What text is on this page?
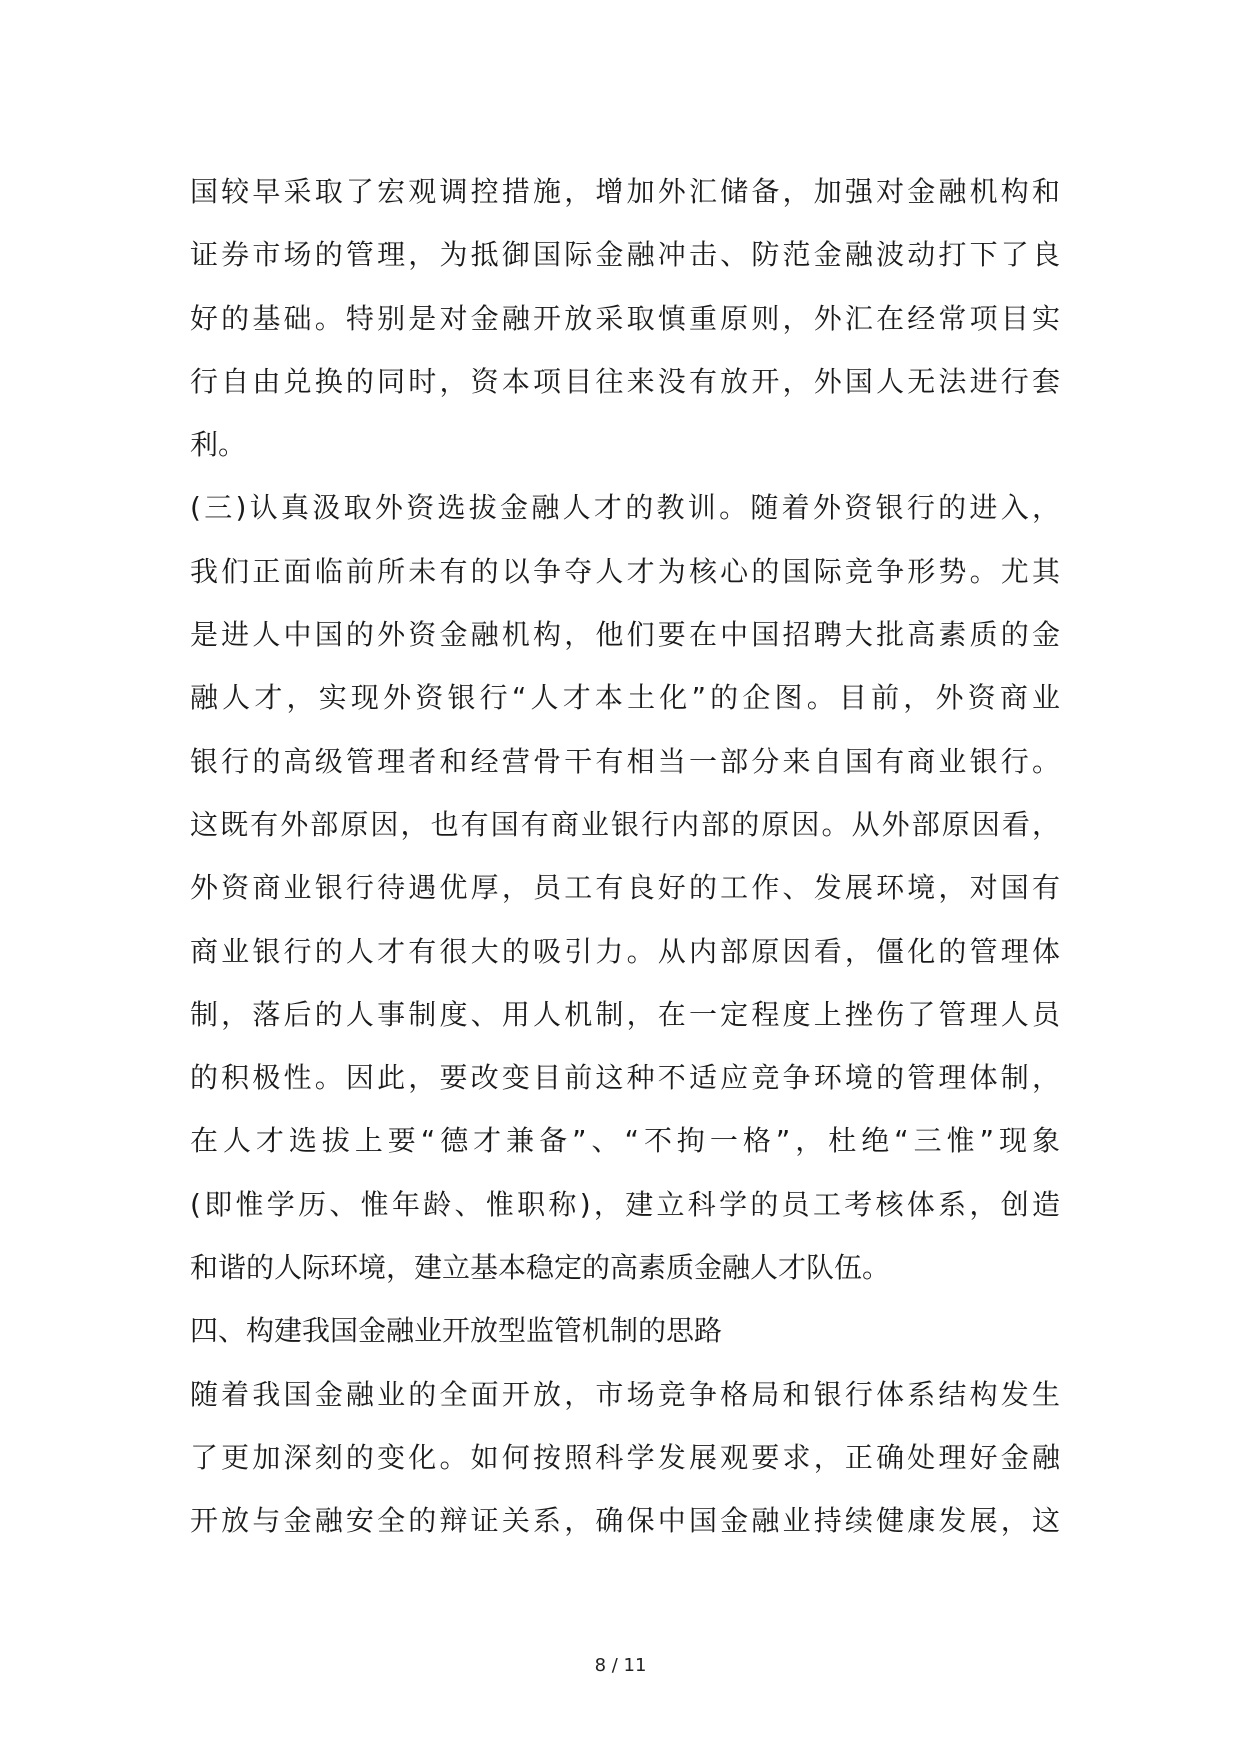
国较早采取了宏观调控措施，增加外汇储备，加强对金融机构和
证券市场的管理，为抵御国际金融冲击、防范金融波动打下了良
好的基础。特别是对金融开放采取慎重原则，外汇在经常项目实
行自由兑换的同时，资本项目往来没有放开，外国人无法进行套
利。
(三)认真汲取外资选拔金融人才的教训。随着外资银行的进入，
我们正面临前所未有的以争夺人才为核心的国际竞争形势。尤其
是进人中国的外资金融机构，他们要在中国招聘大批高素质的金
融人才，实现外资银行“人才本土化”的企图。目前，外资商业
银行的高级管理者和经营骨干有相当一部分来自国有商业银行。
这既有外部原因，也有国有商业银行内部的原因。从外部原因看，
外资商业银行待遇优厚，员工有良好的工作、发展环境，对国有
商业银行的人才有很大的吸引力。从内部原因看，僵化的管理体
制，落后的人事制度、用人机制，在一定程度上挫伤了管理人员
的积极性。因此，要改变目前这种不适应竞争环境的管理体制，
在人才选拔上要“德才兼备”、“不拘一格”，杜绝“三惟”现象
(即惟学历、惟年龄、惟职称)，建立科学的员工考核体系，创造
和谐的人际环境，建立基本稳定的高素质金融人才队伍。
四、构建我国金融业开放型监管机制的思路
随着我国金融业的全面开放，市场竞争格局和银行体系结构发生
了更加深刻的变化。如何按照科学发展观要求，正确处理好金融
开放与金融安全的辩证关系，确保中国金融业持续健康发展，这
8 / 11
